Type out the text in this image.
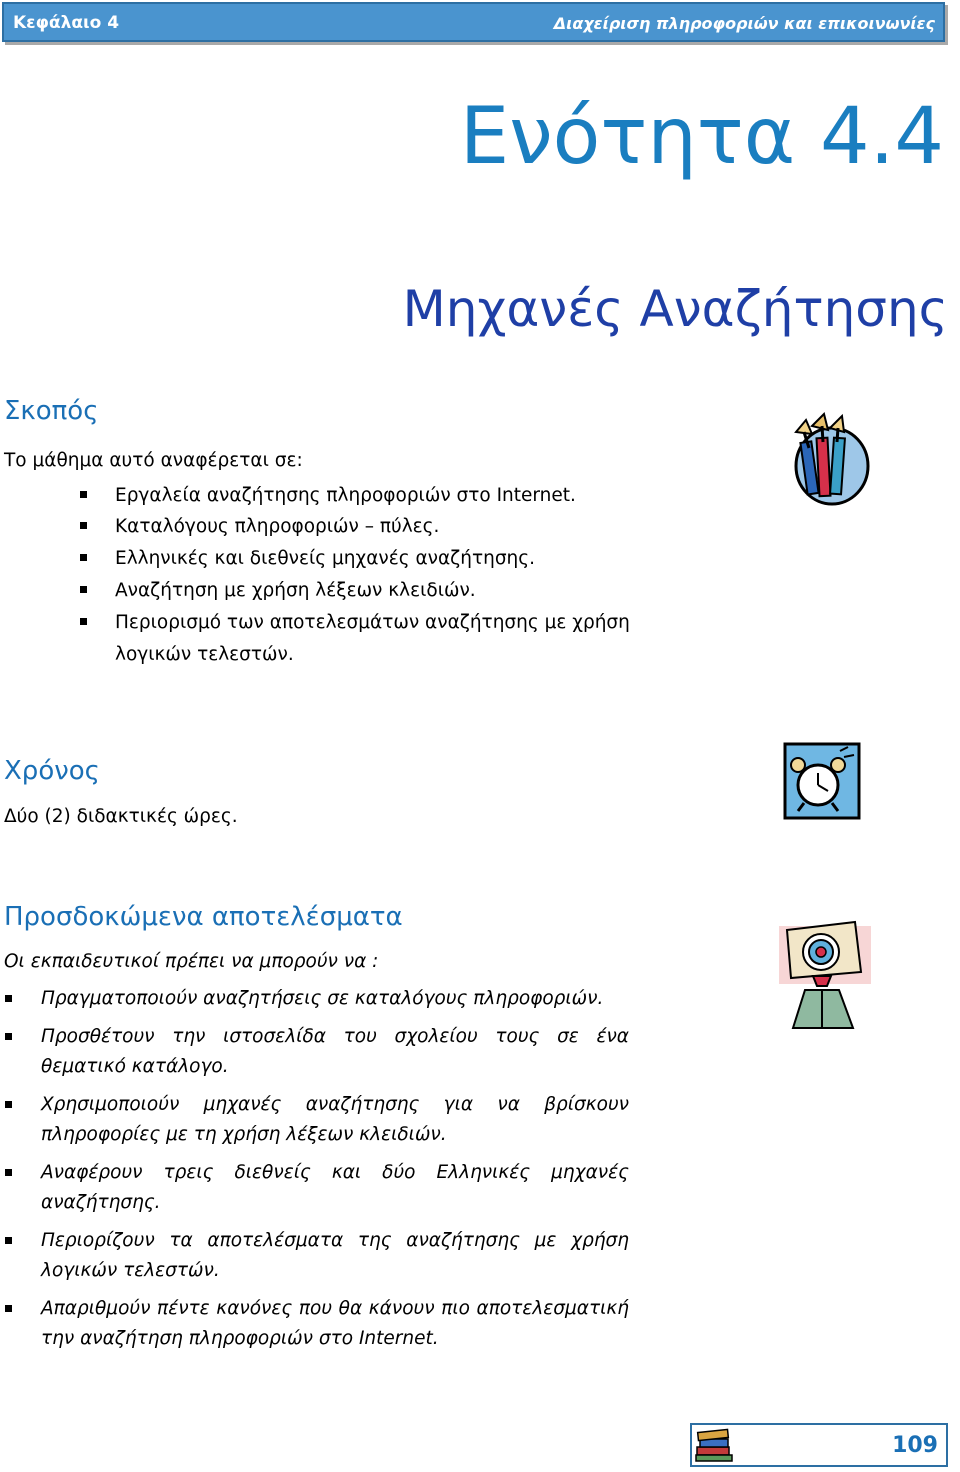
Κεφάλαιο 4	Διαχείριση πληροφοριών και επικοινωνίες
Ενότητα 4.4
Μηχανές Αναζήτησης
Σκοπός
Το μάθημα αυτό αναφέρεται σε:
Εργαλεία αναζήτησης πληροφοριών στο Internet.
Καταλόγους πληροφοριών – πύλες.
Ελληνικές και διεθνείς μηχανές αναζήτησης.
Αναζήτηση με χρήση λέξεων κλειδιών.
Περιορισμό των αποτελεσμάτων αναζήτησης με χρήση λογικών τελεστών.
Χρόνος
Δύο (2) διδακτικές ώρες.
Προσδοκώμενα αποτελέσματα
Οι εκπαιδευτικοί πρέπει να μπορούν να :
Πραγματοποιούν αναζητήσεις σε καταλόγους πληροφοριών.
Προσθέτουν την ιστοσελίδα του σχολείου τους σε ένα θεματικό κατάλογο.
Χρησιμοποιούν μηχανές αναζήτησης για να βρίσκουν πληροφορίες με τη χρήση λέξεων κλειδιών.
Αναφέρουν τρεις διεθνείς και δύο Ελληνικές μηχανές αναζήτησης.
Περιορίζουν τα αποτελέσματα της αναζήτησης με χρήση λογικών τελεστών.
Απαριθμούν πέντε κανόνες που θα κάνουν πιο αποτελεσματική την αναζήτηση πληροφοριών στο Internet.
109
